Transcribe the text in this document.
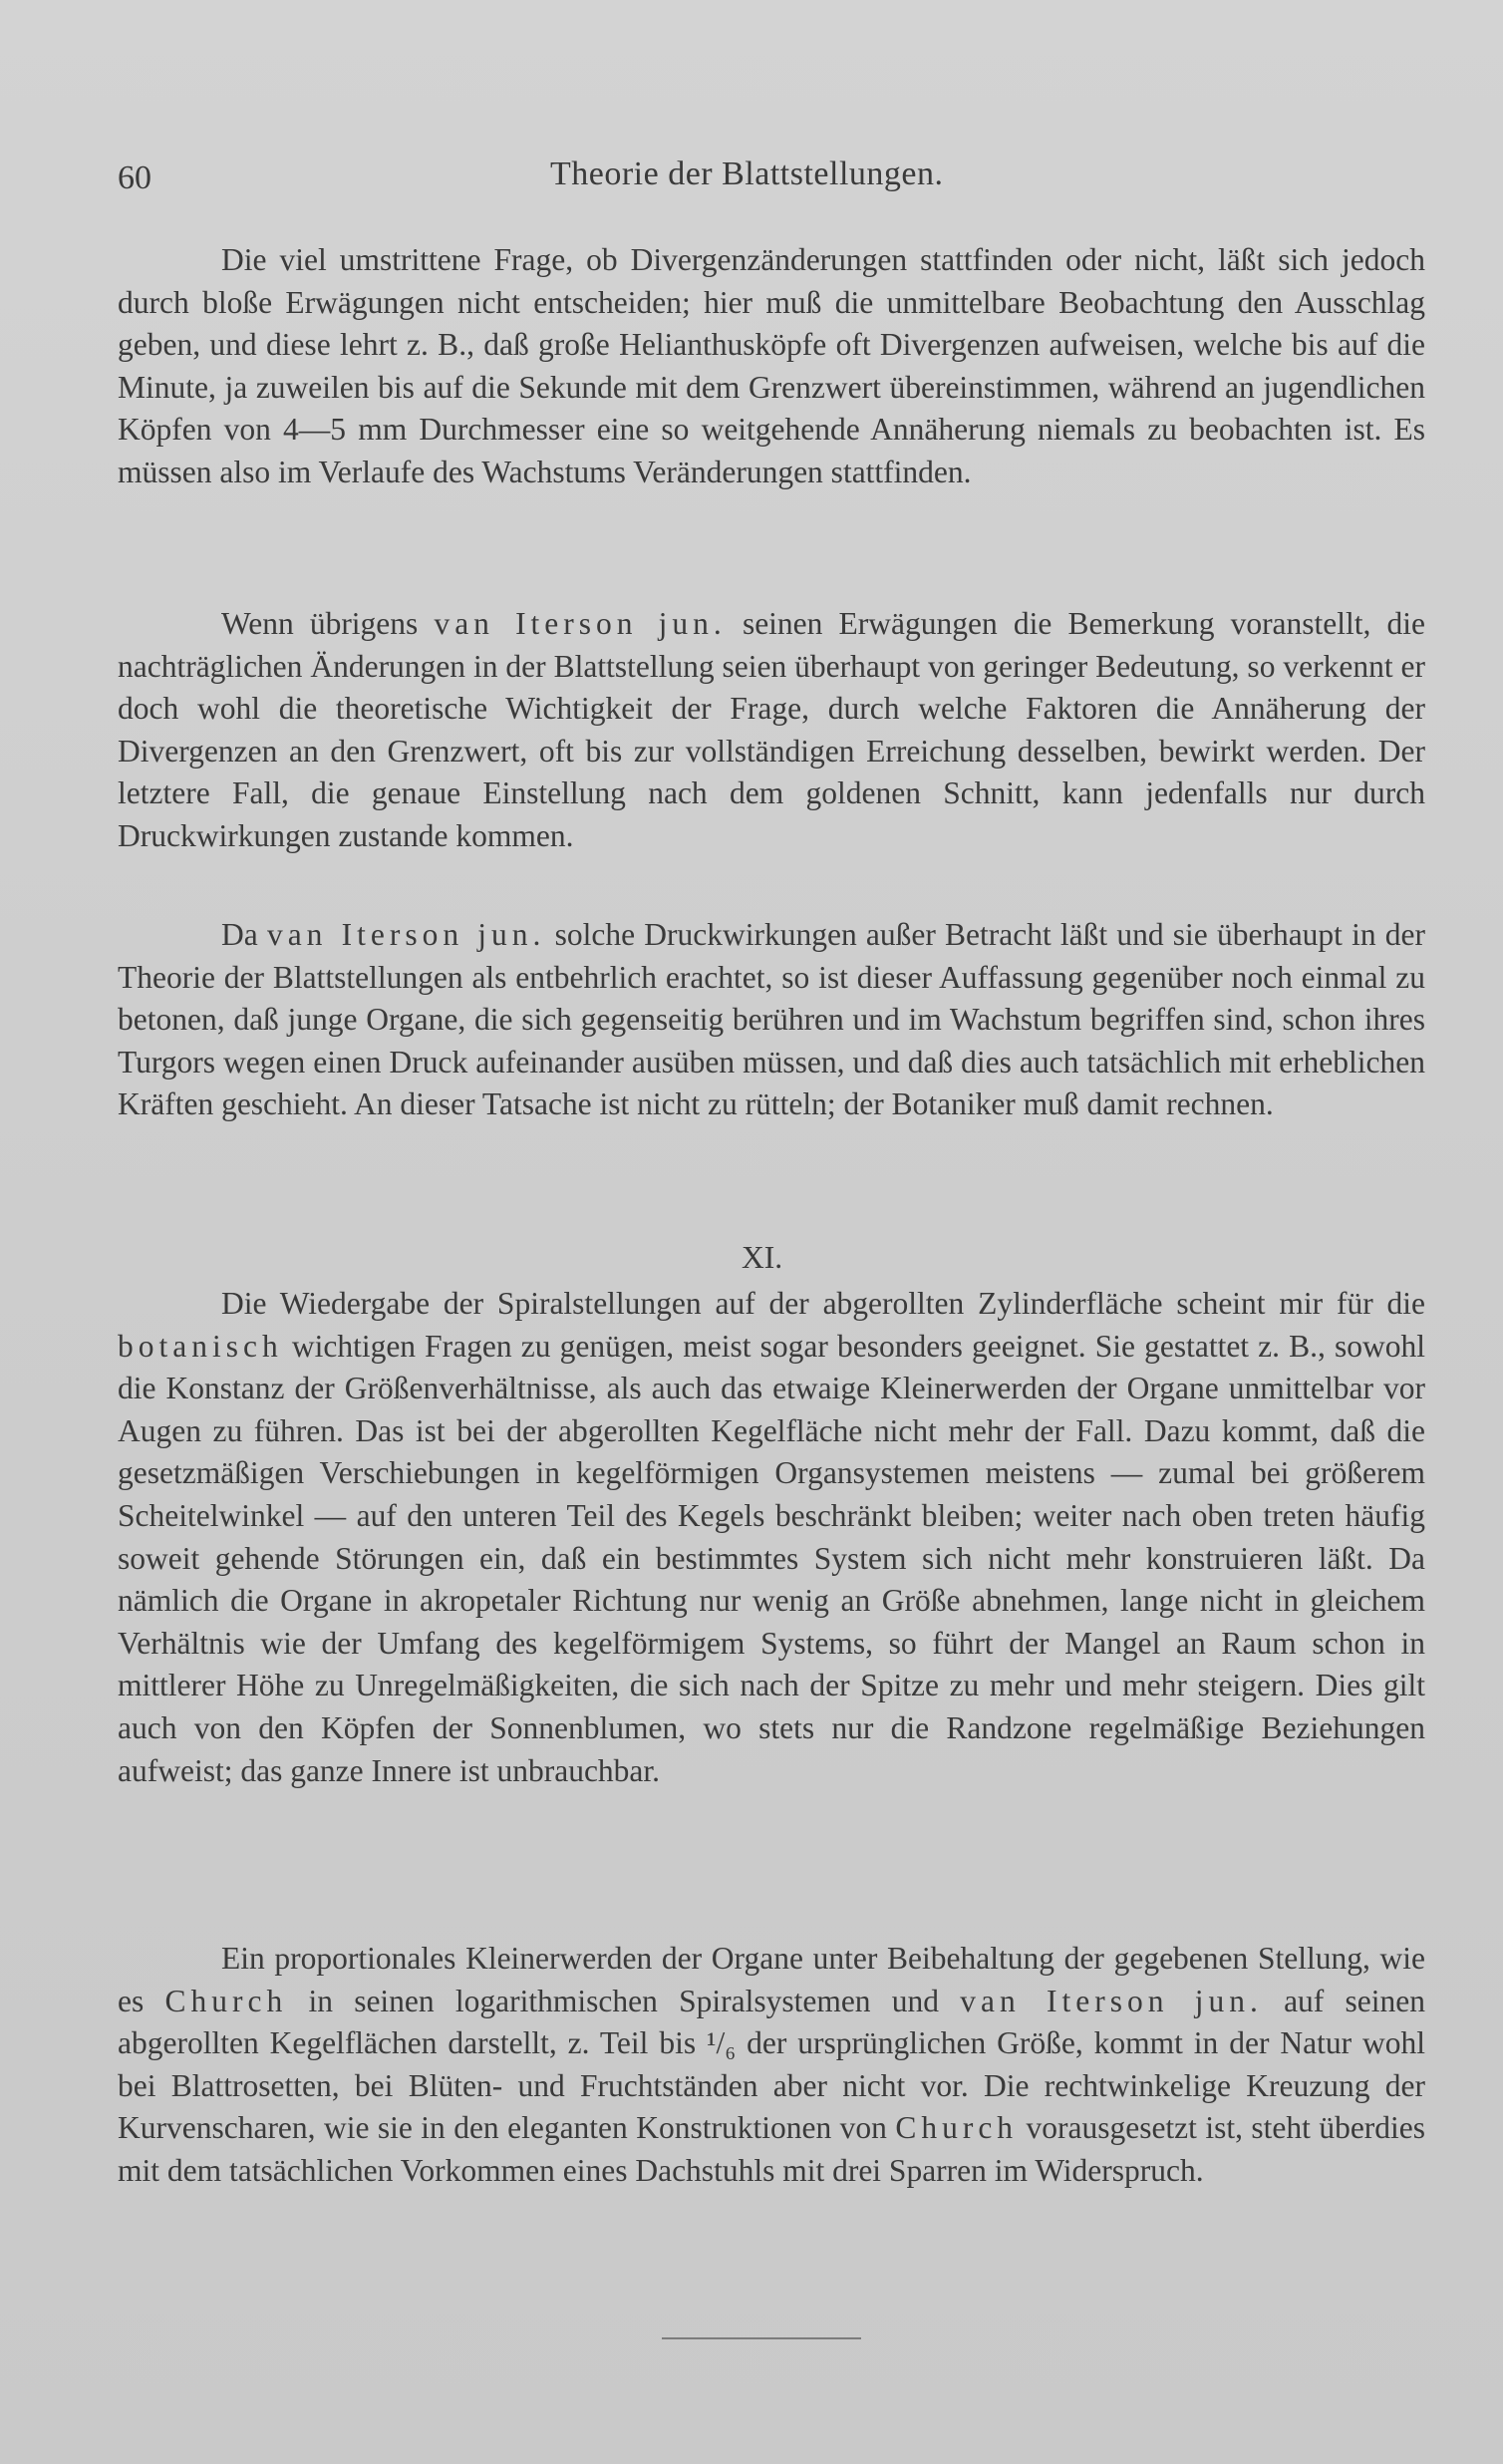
60	Theorie der Blattstellungen.

Die viel umstrittene Frage, ob Divergenzänderungen stattfinden oder nicht, läßt sich jedoch durch bloße Erwägungen nicht entscheiden; hier muß die unmittelbare Beobachtung den Ausschlag geben, und diese lehrt z. B., daß große Helianthusköpfe oft Divergenzen aufweisen, welche bis auf die Minute, ja zuweilen bis auf die Sekunde mit dem Grenzwert übereinstimmen, während an jugendlichen Köpfen von 4—5 mm Durchmesser eine so weitgehende Annäherung niemals zu beobachten ist. Es müssen also im Verlaufe des Wachstums Veränderungen stattfinden.

Wenn übrigens van Iterson jun. seinen Erwägungen die Bemerkung voranstellt, die nachträglichen Änderungen in der Blattstellung seien überhaupt von geringer Bedeutung, so verkennt er doch wohl die theoretische Wichtigkeit der Frage, durch welche Faktoren die Annäherung der Divergenzen an den Grenzwert, oft bis zur vollständigen Erreichung desselben, bewirkt werden. Der letztere Fall, die genaue Einstellung nach dem goldenen Schnitt, kann jedenfalls nur durch Druckwirkungen zustande kommen.

Da van Iterson jun. solche Druckwirkungen außer Betracht läßt und sie überhaupt in der Theorie der Blattstellungen als entbehrlich erachtet, so ist dieser Auffassung gegenüber noch einmal zu betonen, daß junge Organe, die sich gegenseitig berühren und im Wachstum begriffen sind, schon ihres Turgors wegen einen Druck aufeinander ausüben müssen, und daß dies auch tatsächlich mit erheblichen Kräften geschieht. An dieser Tatsache ist nicht zu rütteln; der Botaniker muß damit rechnen.

XI.

Die Wiedergabe der Spiralstellungen auf der abgerollten Zylinderfläche scheint mir für die botanisch wichtigen Fragen zu genügen, meist sogar besonders geeignet. Sie gestattet z. B., sowohl die Konstanz der Größenverhältnisse, als auch das etwaige Kleinerwerden der Organe unmittelbar vor Augen zu führen. Das ist bei der abgerollten Kegelfläche nicht mehr der Fall. Dazu kommt, daß die gesetzmäßigen Verschiebungen in kegelförmigen Organsystemen meistens — zumal bei größerem Scheitelwinkel — auf den unteren Teil des Kegels beschränkt bleiben; weiter nach oben treten häufig soweit gehende Störungen ein, daß ein bestimmtes System sich nicht mehr konstruieren läßt. Da nämlich die Organe in akropetaler Richtung nur wenig an Größe abnehmen, lange nicht in gleichem Verhältnis wie der Umfang des kegelförmigem Systems, so führt der Mangel an Raum schon in mittlerer Höhe zu Unregelmäßigkeiten, die sich nach der Spitze zu mehr und mehr steigern. Dies gilt auch von den Köpfen der Sonnenblumen, wo stets nur die Randzone regelmäßige Beziehungen aufweist; das ganze Innere ist unbrauchbar.

Ein proportionales Kleinerwerden der Organe unter Beibehaltung der gegebenen Stellung, wie es Church in seinen logarithmischen Spiralsystemen und van Iterson jun. auf seinen abgerollten Kegelflächen darstellt, z. Teil bis ¹/₆ der ursprünglichen Größe, kommt in der Natur wohl bei Blattrosetten, bei Blüten- und Fruchtständen aber nicht vor. Die rechtwinkelige Kreuzung der Kurvenscharen, wie sie in den eleganten Konstruktionen von Church vorausgesetzt ist, steht überdies mit dem tatsächlichen Vorkommen eines Dachstuhls mit drei Sparren im Widerspruch.
